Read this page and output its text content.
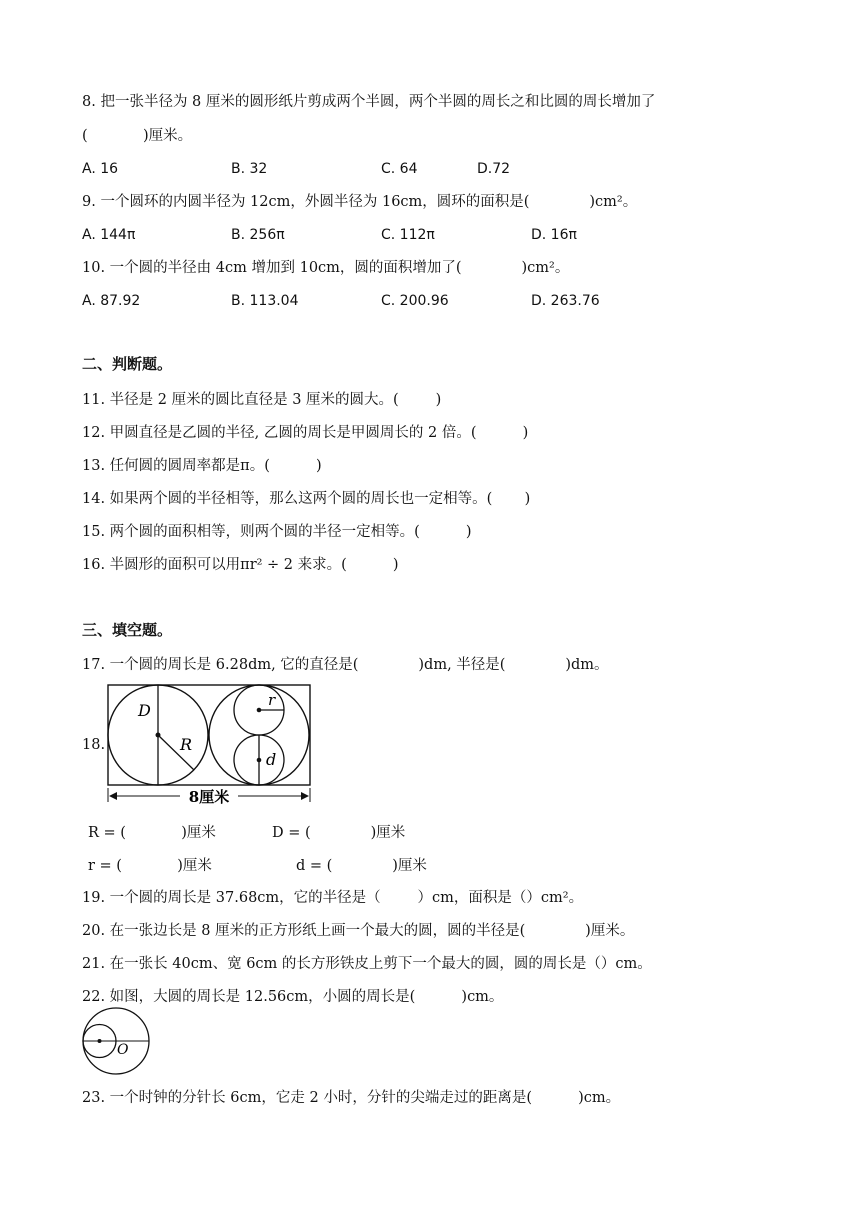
8. 把一张半径为 8 厘米的圆形纸片剪成两个半圆，两个半圆的周长之和比圆的周长增加了
(            )厘米。
A. 16	B. 32	C. 64	D.72
9. 一个圆环的内圆半径为 12cm，外圆半径为 16cm，圆环的面积是(             )cm²。
A. 144π	B. 256π	C. 112π	D. 16π
10. 一个圆的半径由 4cm 增加到 10cm，圆的面积增加了(             )cm²。
A. 87.92	B. 113.04	C. 200.96	D. 263.76
二、判断题。
11. 半径是 2 厘米的圆比直径是 3 厘米的圆大。(        )
12. 甲圆直径是乙圆的半径, 乙圆的周长是甲圆周长的 2 倍。(          )
13. 任何圆的圆周率都是π。(          )
14. 如果两个圆的半径相等，那么这两个圆的周长也一定相等。(       )
15. 两个圆的面积相等，则两个圆的半径一定相等。(          )
16. 半圆形的面积可以用πr² ÷ 2 来求。(          )
三、填空题。
17. 一个圆的周长是 6.28dm, 它的直径是(             )dm, 半径是(             )dm。
18.
D
R
r
d
8厘米
R = (            )厘米	D = (             )厘米
r = (            )厘米	d = (             )厘米
19. 一个圆的周长是 37.68cm，它的半径是（        ）cm，面积是（）cm²。
20. 在一张边长是 8 厘米的正方形纸上画一个最大的圆，圆的半径是(             )厘米。
21. 在一张长 40cm、宽 6cm 的长方形铁皮上剪下一个最大的圆，圆的周长是（）cm。
22. 如图，大圆的周长是 12.56cm，小圆的周长是(          )cm。
O
23. 一个时钟的分针长 6cm，它走 2 小时，分针的尖端走过的距离是(          )cm。
